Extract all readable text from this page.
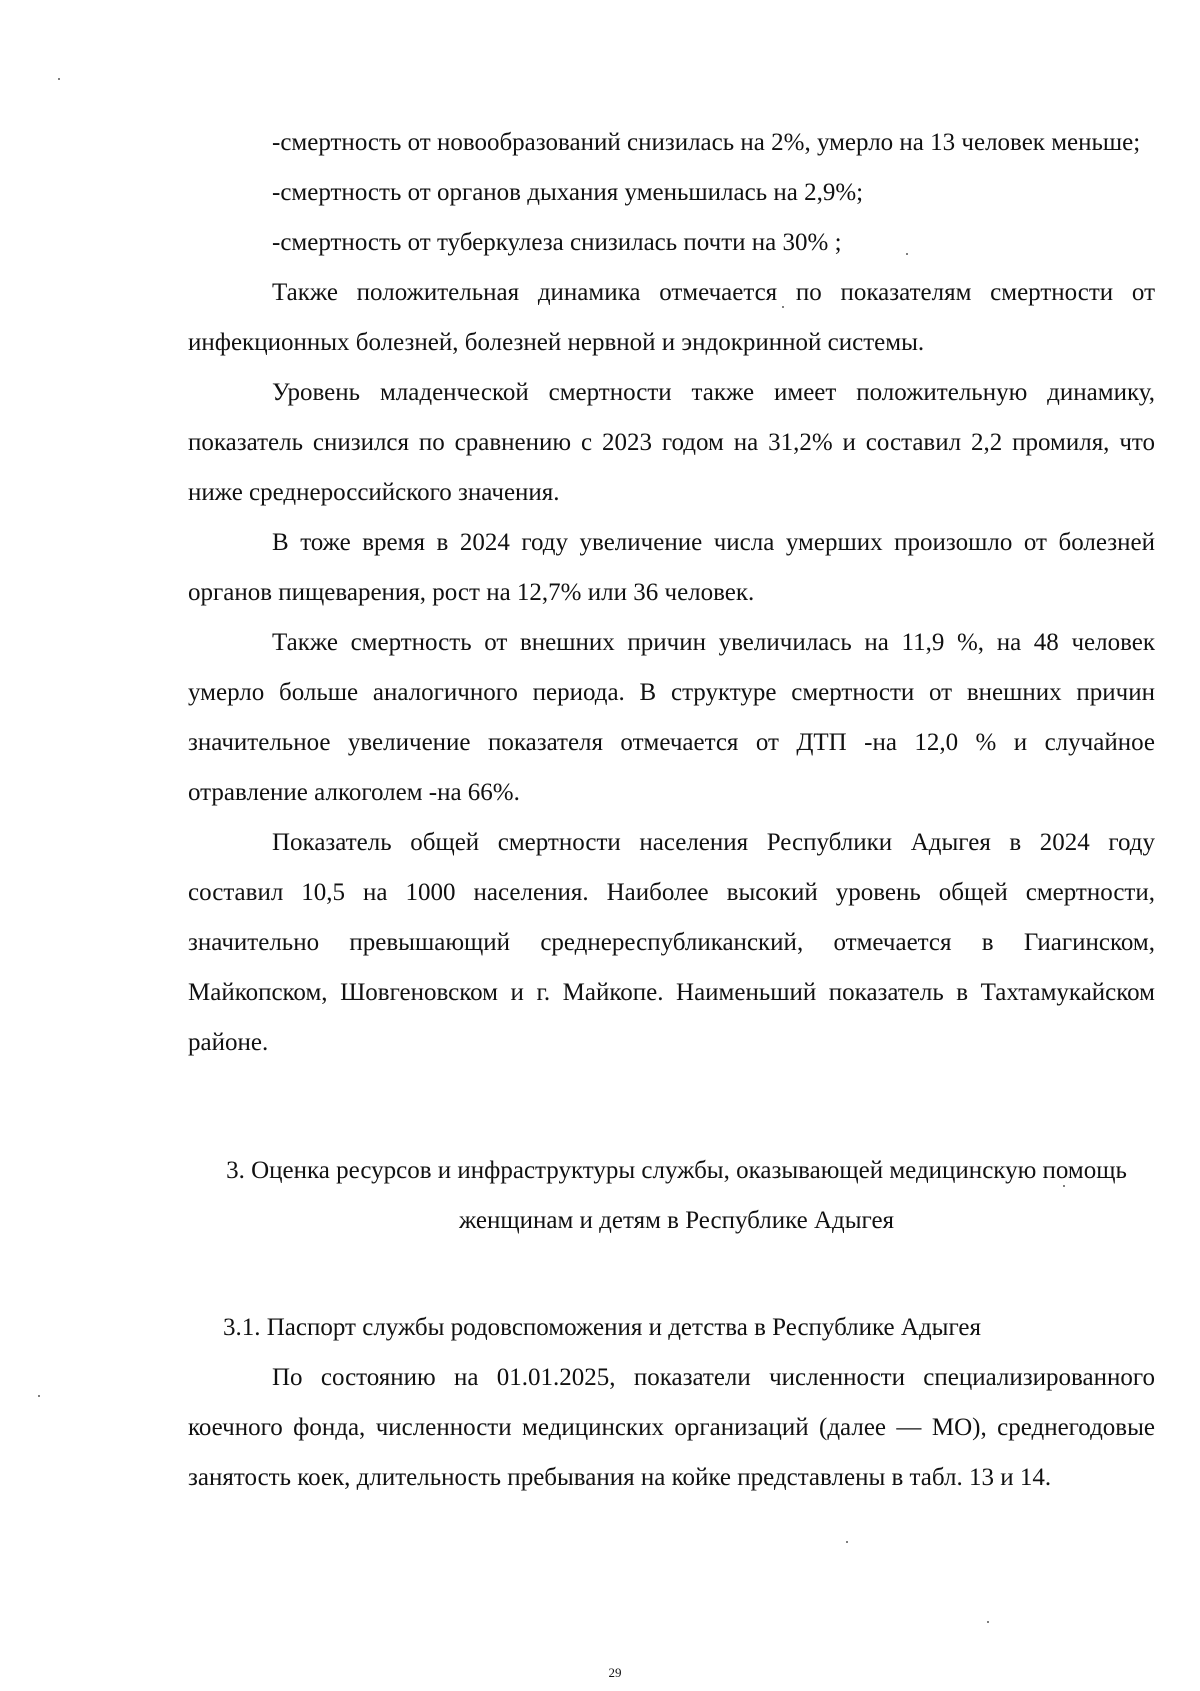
-смертность от новообразований снизилась на 2%, умерло на 13 человек меньше;

-смертность от органов дыхания уменьшилась на 2,9%;

-смертность от туберкулеза снизилась почти на 30% ;

Также положительная динамика отмечается по показателям смертности от инфекционных болезней, болезней нервной и эндокринной системы.

Уровень младенческой смертности также имеет положительную динамику, показатель снизился по сравнению с 2023 годом на 31,2% и составил 2,2 промиля, что ниже среднероссийского значения.

В тоже время в 2024 году увеличение числа умерших произошло от болезней органов пищеварения, рост на 12,7% или 36 человек.

Также смертность от внешних причин увеличилась на 11,9 %, на 48 человек умерло больше аналогичного периода. В структуре смертности от внешних причин значительное увеличение показателя отмечается от ДТП -на 12,0 % и случайное отравление алкоголем -на 66%.

Показатель общей смертности населения Республики Адыгея в 2024 году составил 10,5 на 1000 населения. Наиболее высокий уровень общей смертности, значительно превышающий среднереспубликанский, отмечается в Гиагинском, Майкопском, Шовгеновском и г. Майкопе. Наименьший показатель в Тахтамукайском районе.

3. Оценка ресурсов и инфраструктуры службы, оказывающей медицинскую помощь женщинам и детям в Республике Адыгея

3.1. Паспорт службы родовспоможения и детства в Республике Адыгея

По состоянию на 01.01.2025, показатели численности специализированного коечного фонда, численности медицинских организаций (далее — МО), среднегодовые занятость коек, длительность пребывания на койке представлены в табл. 13 и 14.

29
